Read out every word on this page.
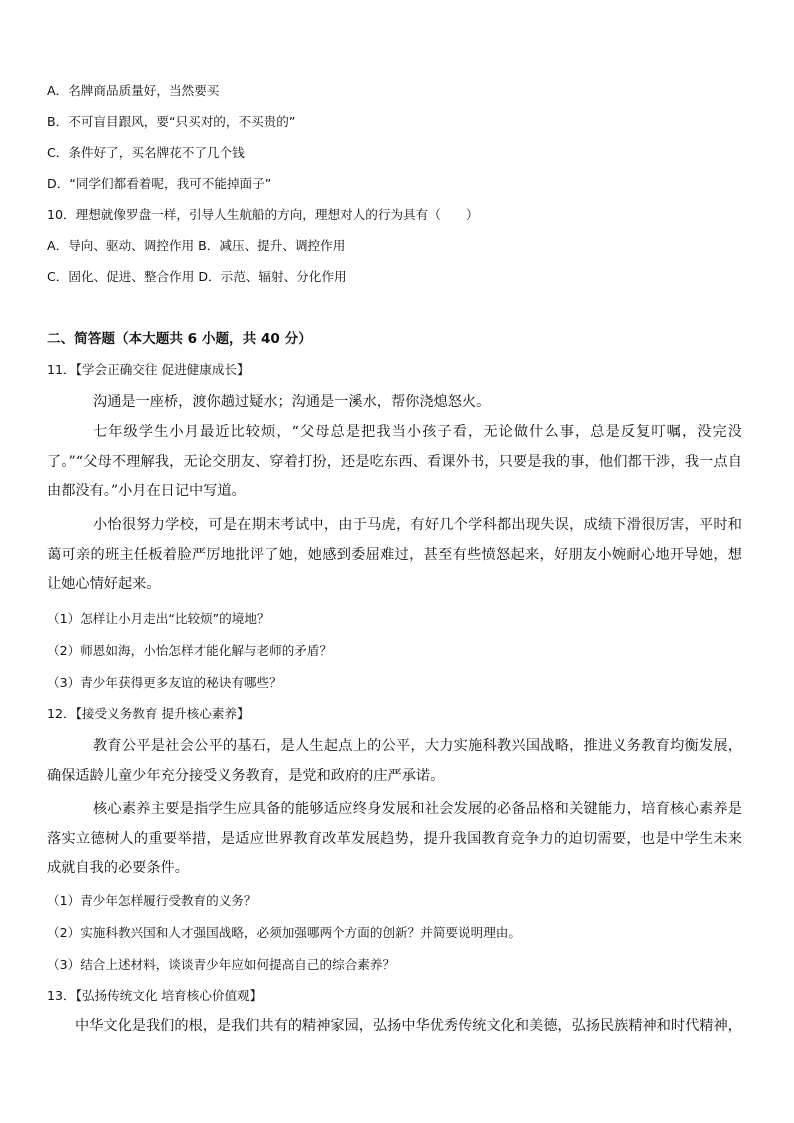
A．名牌商品质量好，当然要买
B．不可盲目跟风，要“只买对的，不买贵的”
C．条件好了，买名牌花不了几个钱
D．“同学们都看着呢，我可不能掉面子”
10．理想就像罗盘一样，引导人生航船的方向，理想对人的行为具有（　　）
A．导向、驱动、调控作用 B．减压、提升、调控作用
C．固化、促进、整合作用 D．示范、辐射、分化作用
二、简答题（本大题共 6 小题，共 40 分）
11．【学会正确交往 促进健康成长】

沟通是一座桥，渡你趟过疑水；沟通是一溪水，帮你浇熄怒火。

七年级学生小月最近比较烦，“父母总是把我当小孩子看，无论做什么事，总是反复叮嘱，没完没了。”“父母不理解我，无论交朋友、穿着打扮，还是吃东西、看课外书，只要是我的事，他们都干涉，我一点自由都没有。”小月在日记中写道。

小怡很努力学校，可是在期末考试中，由于马虎，有好几个学科都出现失误，成绩下滑很厉害，平时和蔼可亲的班主任板着脸严厉地批评了她，她感到委屈难过，甚至有些愤怒起来，好朋友小婉耐心地开导她，想让她心情好起来。

（1）怎样让小月走出“比较烦”的境地？
（2）师恩如海，小怡怎样才能化解与老师的矛盾？
（3）青少年获得更多友谊的秘诀有哪些？
12．【接受义务教育 提升核心素养】

教育公平是社会公平的基石，是人生起点上的公平，大力实施科教兴国战略，推进义务教育均衡发展，确保适龄儿童少年充分接受义务教育，是党和政府的庄严承诺。

核心素养主要是指学生应具备的能够适应终身发展和社会发展的必备品格和关键能力，培育核心素养是落实立德树人的重要举措，是适应世界教育改革发展趋势，提升我国教育竞争力的迫切需要，也是中学生未来成就自我的必要条件。

（1）青少年怎样履行受教育的义务？
（2）实施科教兴国和人才强国战略，必须加强哪两个方面的创新？并简要说明理由。
（3）结合上述材料，谈谈青少年应如何提高自己的综合素养？
13．【弘扬传统文化 培育核心价值观】

中华文化是我们的根，是我们共有的精神家园，弘扬中华优秀传统文化和美德，弘扬民族精神和时代精神，
